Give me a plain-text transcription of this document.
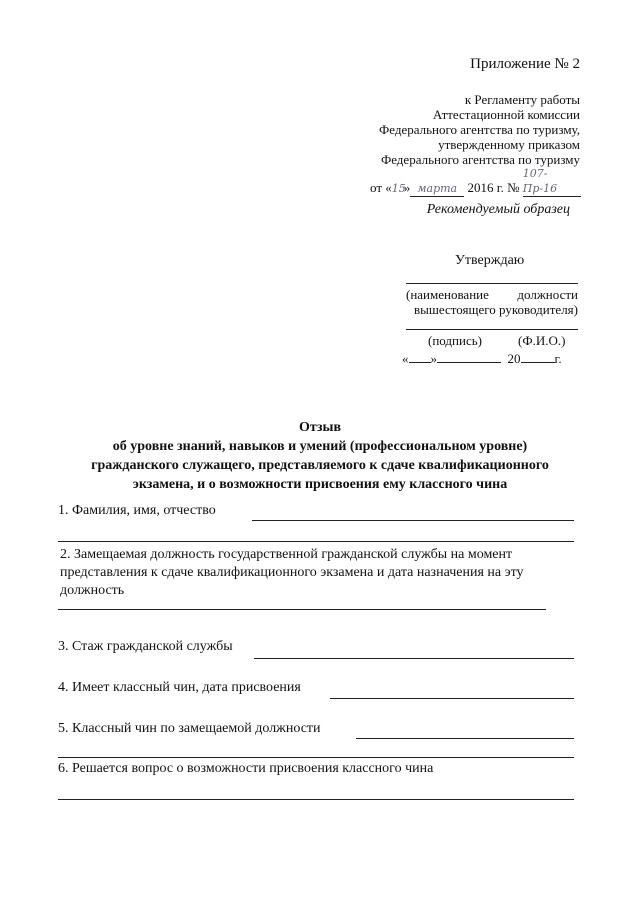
Приложение № 2
к Регламенту работы
Аттестационной комиссии
Федерального агентства по туризму,
утвержденному приказом
Федерального агентства по туризму
от «15» марта 2016 г. № 107-Пр-16
Рекомендуемый образец
Утверждаю
(наименование должности
вышестоящего руководителя)
(подпись)	(Ф.И.О.)
« »	20	г.
Отзыв
об уровне знаний, навыков и умений (профессиональном уровне)
гражданского служащего, представляемого к сдаче квалификационного
экзамена, и о возможности присвоения ему классного чина
1. Фамилия, имя, отчество
2. Замещаемая должность государственной гражданской службы на момент
представления к сдаче квалификационного экзамена и дата назначения на эту
должность
3. Стаж гражданской службы
4. Имеет классный чин, дата присвоения
5. Классный чин по замещаемой должности
6. Решается вопрос о возможности присвоения классного чина
